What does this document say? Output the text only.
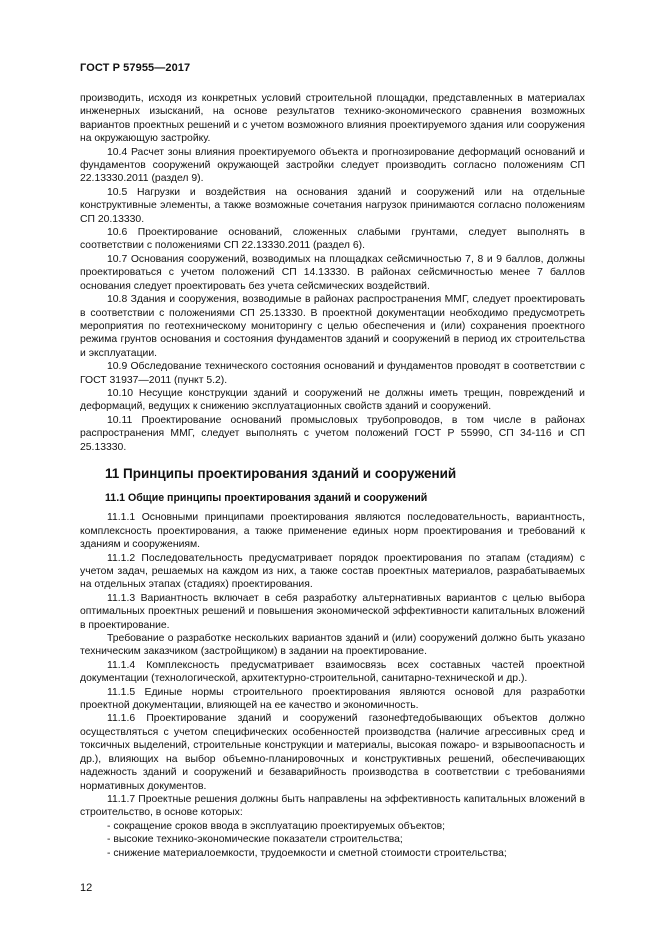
ГОСТ Р 57955—2017

производить, исходя из конкретных условий строительной площадки, представленных в материалах инженерных изысканий, на основе результатов технико-экономического сравнения возможных вариантов проектных решений и с учетом возможного влияния проектируемого здания или сооружения на окружающую застройку.

10.4 Расчет зоны влияния проектируемого объекта и прогнозирование деформаций оснований и фундаментов сооружений окружающей застройки следует производить согласно положениям СП 22.13330.2011 (раздел 9).

10.5 Нагрузки и воздействия на основания зданий и сооружений или на отдельные конструктивные элементы, а также возможные сочетания нагрузок принимаются согласно положениям СП 20.13330.

10.6 Проектирование оснований, сложенных слабыми грунтами, следует выполнять в соответствии с положениями СП 22.13330.2011 (раздел 6).

10.7 Основания сооружений, возводимых на площадках сейсмичностью 7, 8 и 9 баллов, должны проектироваться с учетом положений СП 14.13330. В районах сейсмичностью менее 7 баллов основания следует проектировать без учета сейсмических воздействий.

10.8 Здания и сооружения, возводимые в районах распространения ММГ, следует проектировать в соответствии с положениями СП 25.13330. В проектной документации необходимо предусмотреть мероприятия по геотехническому мониторингу с целью обеспечения и (или) сохранения проектного режима грунтов основания и состояния фундаментов зданий и сооружений в период их строительства и эксплуатации.

10.9 Обследование технического состояния оснований и фундаментов проводят в соответствии с ГОСТ 31937—2011 (пункт 5.2).

10.10 Несущие конструкции зданий и сооружений не должны иметь трещин, повреждений и деформаций, ведущих к снижению эксплуатационных свойств зданий и сооружений.

10.11 Проектирование оснований промысловых трубопроводов, в том числе в районах распространения ММГ, следует выполнять с учетом положений ГОСТ Р 55990, СП 34-116 и СП 25.13330.

11 Принципы проектирования зданий и сооружений

11.1 Общие принципы проектирования зданий и сооружений

11.1.1 Основными принципами проектирования являются последовательность, вариантность, комплексность проектирования, а также применение единых норм проектирования и требований к зданиям и сооружениям.

11.1.2 Последовательность предусматривает порядок проектирования по этапам (стадиям) с учетом задач, решаемых на каждом из них, а также состав проектных материалов, разрабатываемых на отдельных этапах (стадиях) проектирования.

11.1.3 Вариантность включает в себя разработку альтернативных вариантов с целью выбора оптимальных проектных решений и повышения экономической эффективности капитальных вложений в проектирование.

Требование о разработке нескольких вариантов зданий и (или) сооружений должно быть указано техническим заказчиком (застройщиком) в задании на проектирование.

11.1.4 Комплексность предусматривает взаимосвязь всех составных частей проектной документации (технологической, архитектурно-строительной, санитарно-технической и др.).

11.1.5 Единые нормы строительного проектирования являются основой для разработки проектной документации, влияющей на ее качество и экономичность.

11.1.6 Проектирование зданий и сооружений газонефтедобывающих объектов должно осуществляться с учетом специфических особенностей производства (наличие агрессивных сред и токсичных выделений, строительные конструкции и материалы, высокая пожаро- и взрывоопасность и др.), влияющих на выбор объемно-планировочных и конструктивных решений, обеспечивающих надежность зданий и сооружений и безаварийность производства в соответствии с требованиями нормативных документов.

11.1.7 Проектные решения должны быть направлены на эффективность капитальных вложений в строительство, в основе которых:

- сокращение сроков ввода в эксплуатацию проектируемых объектов;
- высокие технико-экономические показатели строительства;
- снижение материалоемкости, трудоемкости и сметной стоимости строительства;
12
